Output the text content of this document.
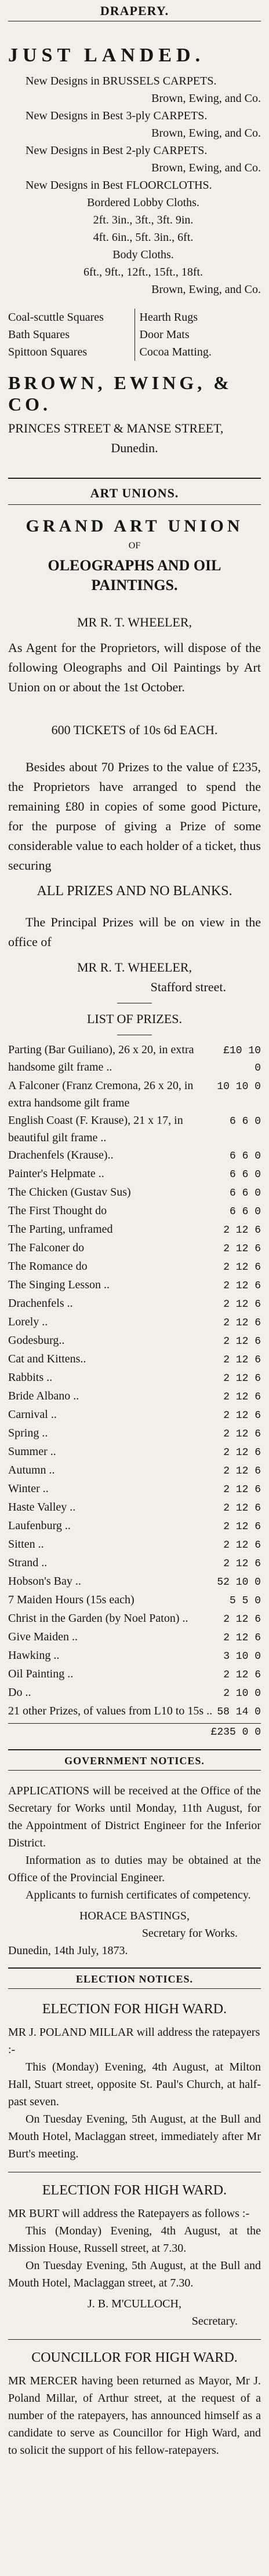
DRAPERY.
JUST LANDED.
New Designs in BRUSSELS CARPETS.
Brown, Ewing, and Co.
New Designs in Best 3-ply CARPETS.
Brown, Ewing, and Co.
New Designs in Best 2-ply CARPETS.
Brown, Ewing, and Co.
New Designs in Best FLOORCLOTHS.
Bordered Lobby Cloths.
2ft. 3in., 3ft., 3ft. 9in.
4ft. 6in., 5ft. 3in., 6ft.
Body Cloths.
6ft., 9ft., 12ft., 15ft., 18ft.
Brown, Ewing, and Co.
Coal-scuttle Squares
Bath Squares
Spittoon Squares
Hearth Rugs
Door Mats
Cocoa Matting.
BROWN, EWING, & CO.
PRINCES STREET & MANSE STREET,
Dunedin.
ART UNIONS.
GRAND ART UNION
OF
OLEOGRAPHS AND OIL PAINTINGS.
MR R. T. WHEELER,
As Agent for the Proprietors, will dispose of the following Oleographs and Oil Paintings by Art Union on or about the 1st October.
600 TICKETS of 10s 6d EACH.
Besides about 70 Prizes to the value of £235, the Proprietors have arranged to spend the remaining £80 in copies of some good Picture, for the purpose of giving a Prize of some considerable value to each holder of a ticket, thus securing
ALL PRIZES AND NO BLANKS.
The Principal Prizes will be on view in the office of
MR R. T. WHEELER,
Stafford street.
LIST OF PRIZES.
Parting (Bar Guiliano), 26 x 20, in extra handsome gilt frame ..
£10 10 0
A Falconer (Franz Cremona, 26 x 20, in extra handsome gilt frame
10 10 0
English Coast (F. Krause), 21 x 17, in beautiful gilt frame ..
6 6 0
Drachenfels (Krause)..	6 6 0
Painter's Helpmate ..	6 6 0
The Chicken (Gustav Sus)	6 6 0
The First Thought do	6 6 0
The Parting, unframed	2 12 6
The Falconer do	2 12 6
The Romance do	2 12 6
The Singing Lesson ..	2 12 6
Drachenfels ..	2 12 6
Lorely ..	2 12 6
Godesburg..	2 12 6
Cat and Kittens..	2 12 6
Rabbits ..	2 12 6
Bride Albano ..	2 12 6
Carnival ..	2 12 6
Spring ..	2 12 6
Summer ..	2 12 6
Autumn ..	2 12 6
Winter ..	2 12 6
Haste Valley ..	2 12 6
Laufenburg ..	2 12 6
Sitten ..	2 12 6
Strand ..	2 12 6
Hobson's Bay ..	52 10 0
7 Maiden Hours (15s each)	5 5 0
Christ in the Garden (by Noel Paton) ..	2 12 6
Give Maiden ..	2 12 6
Hawking ..	3 10 0
Oil Painting ..	2 12 6
Do ..	2 10 0
21 other Prizes, of values from L10 to 15s .. 58 14 0
£235 0 0
GOVERNMENT NOTICES.
APPLICATIONS will be received at the Office of the Secretary for Works until Monday, 11th August, for the Appointment of District Engineer for the Inferior District.
Information as to duties may be obtained at the Office of the Provincial Engineer.
Applicants to furnish certificates of competency.
HORACE BASTINGS,
Secretary for Works.
Dunedin, 14th July, 1873.
ELECTION NOTICES.
ELECTION FOR HIGH WARD.
MR J. POLAND MILLAR will address the ratepayers :-
This (Monday) Evening, 4th August, at Milton Hall, Stuart street, opposite St. Paul's Church, at half-past seven.
On Tuesday Evening, 5th August, at the Bull and Mouth Hotel, Maclaggan street, immediately after Mr Burt's meeting.
ELECTION FOR HIGH WARD.
MR BURT will address the Ratepayers as follows :-
This (Monday) Evening, 4th August, at the Mission House, Russell street, at 7.30.
On Tuesday Evening, 5th August, at the Bull and Mouth Hotel, Maclaggan street, at 7.30.
J. B. M'CULLOCH,
Secretary.
COUNCILLOR FOR HIGH WARD.
MR MERCER having been returned as Mayor, Mr J. Poland Millar, of Arthur street, at the request of a number of the ratepayers, has announced himself as a candidate to serve as Councillor for High Ward, and to solicit the support of his fellow-ratepayers.
